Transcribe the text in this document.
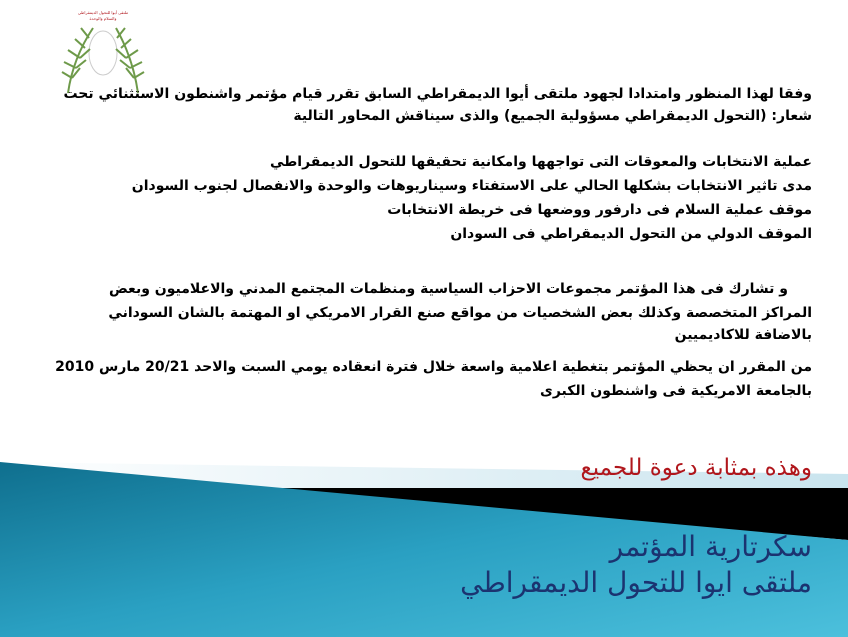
ملتقى أيوا للتحول الديمقراطي
والسلام والوحدة
وفقا لهذا المنظور وامتدادا لجهود ملتقى أيوا الديمقراطي السابق تقرر قيام مؤتمر واشنطون الاستثنائي تحت
شعار: (التحول الديمقراطي مسؤولية الجميع) والذى سيناقش المحاور التالية
عملية الانتخابات والمعوقات التى تواجهها وامكانية تحقيقها للتحول الديمقراطي
مدى تاثير الانتخابات بشكلها الحالي على الاستفتاء وسيناريوهات والوحدة والانفصال لجنوب السودان
موقف عملية السلام فى دارفور ووضعها فى خريطة الانتخابات
الموقف الدولي من التحول الديمقراطي فى السودان
و تشارك فى هذا المؤتمر مجموعات الاحزاب السياسية ومنظمات المجتمع المدني والاعلاميون وبعض
المراكز المتخصصة وكذلك بعض الشخصيات من مواقع صنع القرار الامريكي او المهتمة بالشان السوداني
بالاضافة للاكاديميين
من المقرر ان يحظي المؤتمر بتغطية اعلامية واسعة خلال فترة انعقاده يومي السبت والاحد 20/21 مارس 2010
بالجامعة الامريكية فى واشنطون الكبرى
وهذه بمثابة دعوة للجميع
سكرتارية المؤتمر
ملتقى ايوا للتحول الديمقراطي
